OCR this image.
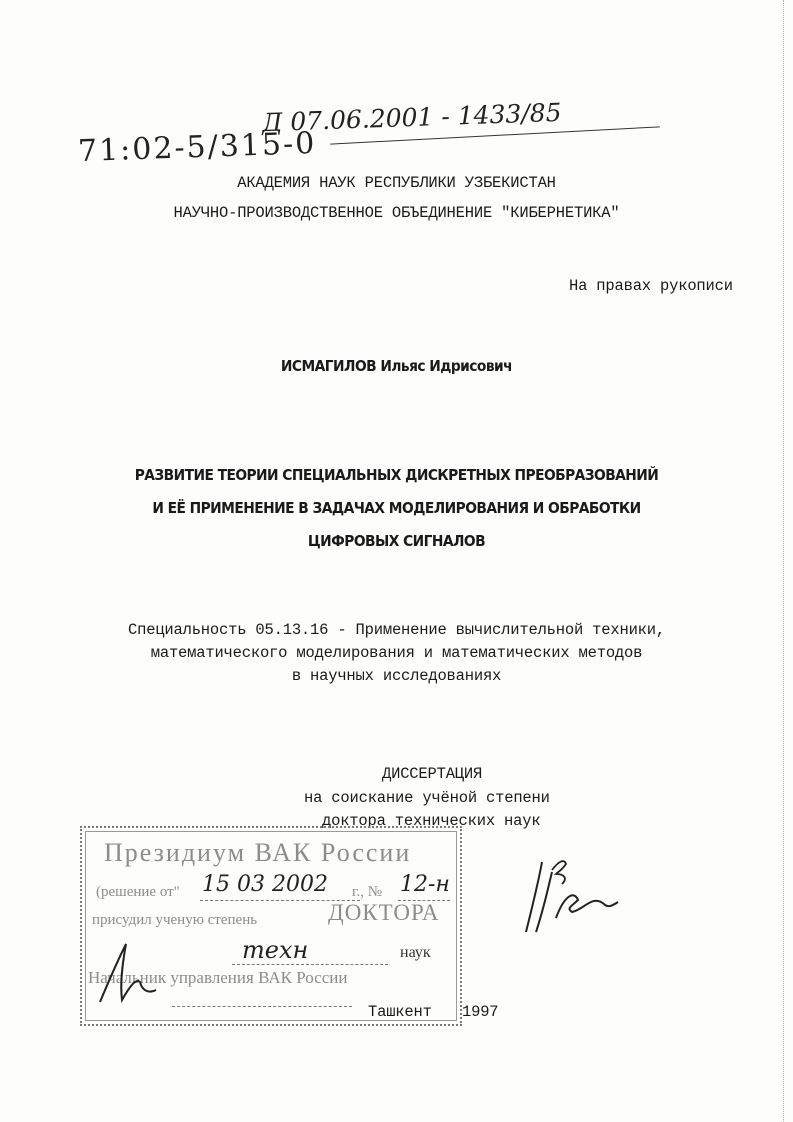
Д 07.06.2001 - 1433/85
71:02-5/315-0
АКАДЕМИЯ НАУК РЕСПУБЛИКИ УЗБЕКИСТАН
НАУЧНО-ПРОИЗВОДСТВЕННОЕ ОБЪЕДИНЕНИЕ "КИБЕРНЕТИКА"
На правах рукописи
ИСМАГИЛОВ Ильяс Идрисович
РАЗВИТИЕ ТЕОРИИ СПЕЦИАЛЬНЫХ ДИСКРЕТНЫХ ПРЕОБРАЗОВАНИЙ
И ЕЁ ПРИМЕНЕНИЕ В ЗАДАЧАХ МОДЕЛИРОВАНИЯ И ОБРАБОТКИ
ЦИФРОВЫХ СИГНАЛОВ
Специальность 05.13.16 - Применение вычислительной техники,
математического моделирования и математических методов
в научных исследованиях
ДИССЕРТАЦИЯ
на соискание учёной степени
доктора технических наук
Президиум ВАК России
(решение от" 15 03 2002 г., № 12-н
присудил ученую степень	ДОКТОРА
техн	наук
Начальник управления ВАК России
Ташкент 1997
